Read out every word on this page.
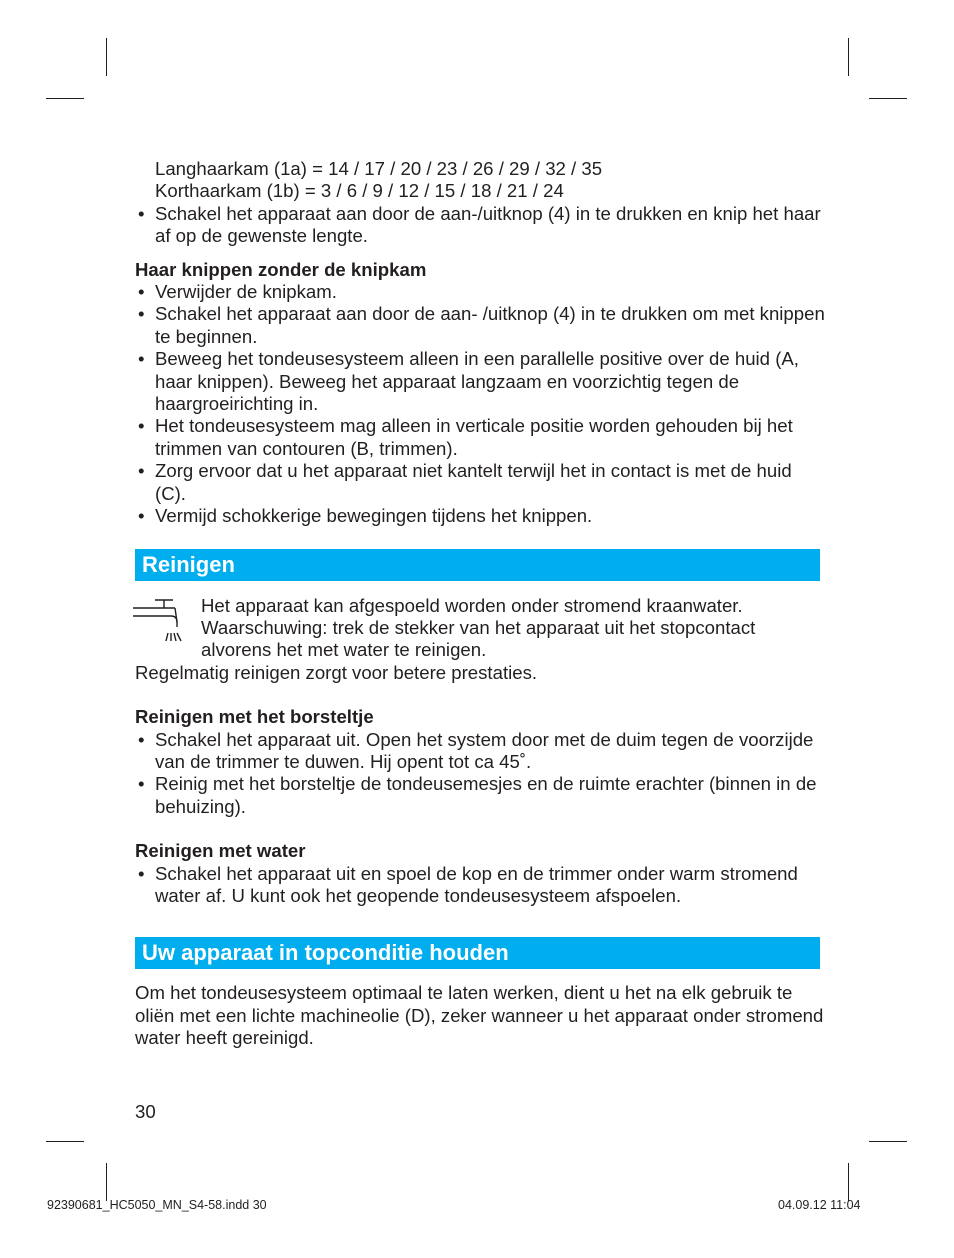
Langhaarkam (1a) = 14 / 17 / 20 / 23 / 26 / 29 / 32 / 35
Korthaarkam (1b) = 3 / 6 / 9 / 12 / 15 / 18 / 21 / 24
• Schakel het apparaat aan door de aan-/uitknop (4) in te drukken en knip het haar af op de gewenste lengte.

Haar knippen zonder de knipkam

• Verwijder de knipkam.
• Schakel het apparaat aan door de aan- /uitknop (4) in te drukken om met knippen te beginnen.
• Beweeg het tondeusesysteem alleen in een parallelle positive over de huid (A, haar knippen). Beweeg het apparaat langzaam en voorzichtig tegen de haargroeirichting in.
• Het tondeusesysteem mag alleen in verticale positie worden gehouden bij het trimmen van contouren (B, trimmen).
• Zorg ervoor dat u het apparaat niet kantelt terwijl het in contact is met de huid (C).
• Vermijd schokkerige bewegingen tijdens het knippen.
Reinigen
Het apparaat kan afgespoeld worden onder stromend kraanwater.
Waarschuwing: trek de stekker van het apparaat uit het stopcontact
alvorens het met water te reinigen.
Regelmatig reinigen zorgt voor betere prestaties.

Reinigen met het borsteltje

• Schakel het apparaat uit. Open het system door met de duim tegen de voorzijde van de trimmer te duwen. Hij opent tot ca 45˚.
• Reinig met het borsteltje de tondeusemesjes en de ruimte erachter (binnen in de behuizing).

Reinigen met water

• Schakel het apparaat uit en spoel de kop en de trimmer onder warm stromend water af. U kunt ook het geopende tondeusesysteem afspoelen.
Uw apparaat in topconditie houden
Om het tondeusesysteem optimaal te laten werken, dient u het na elk gebruik te oliën met een lichte machineolie (D), zeker wanneer u het apparaat onder stromend water heeft gereinigd.
30
92390681_HC5050_MN_S4-58.indd 30	04.09.12 11:04
